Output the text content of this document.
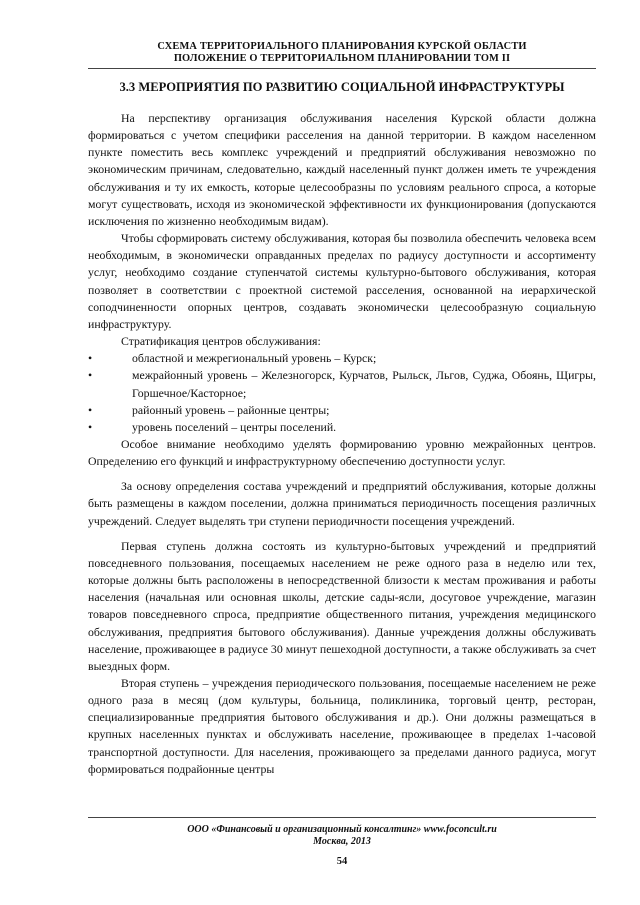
СХЕМА ТЕРРИТОРИАЛЬНОГО ПЛАНИРОВАНИЯ КУРСКОЙ ОБЛАСТИ
ПОЛОЖЕНИЕ О ТЕРРИТОРИАЛЬНОМ ПЛАНИРОВАНИИ ТОМ II
3.3 МЕРОПРИЯТИЯ ПО РАЗВИТИЮ СОЦИАЛЬНОЙ ИНФРАСТРУКТУРЫ

На перспективу организация обслуживания населения Курской области должна формироваться с учетом специфики расселения на данной территории. В каждом населенном пункте поместить весь комплекс учреждений и предприятий обслуживания невозможно по экономическим причинам, следовательно, каждый населенный пункт должен иметь те учреждения обслуживания и ту их емкость, которые целесообразны по условиям реального спроса, а которые могут существовать, исходя из экономической эффективности их функционирования (допускаются исключения по жизненно необходимым видам).

Чтобы сформировать систему обслуживания, которая бы позволила обеспечить человека всем необходимым, в экономически оправданных пределах по радиусу доступности и ассортименту услуг, необходимо создание ступенчатой системы культурно-бытового обслуживания, которая позволяет в соответствии с проектной системой расселения, основанной на иерархической соподчиненности опорных центров, создавать экономически целесообразную социальную инфраструктуру.

Стратификация центров обслуживания:

•	областной и межрегиональный уровень – Курск;
•	межрайонный уровень – Железногорск, Курчатов, Рыльск, Льгов, Суджа, Обоянь, Щигры, Горшечное/Касторное;
•	районный уровень – районные центры;
•	уровень поселений – центры поселений.

Особое внимание необходимо уделять формированию уровню межрайонных центров. Определению его функций и инфраструктурному обеспечению доступности услуг.

За основу определения состава учреждений и предприятий обслуживания, которые должны быть размещены в каждом поселении, должна приниматься периодичность посещения различных учреждений. Следует выделять три ступени периодичности посещения учреждений.

Первая ступень должна состоять из культурно-бытовых учреждений и предприятий повседневного пользования, посещаемых населением не реже одного раза в неделю или тех, которые должны быть расположены в непосредственной близости к местам проживания и работы населения (начальная или основная школы, детские сады-ясли, досуговое учреждение, магазин товаров повседневного спроса, предприятие общественного питания, учреждения медицинского обслуживания, предприятия бытового обслуживания). Данные учреждения должны обслуживать население, проживающее в радиусе 30 минут пешеходной доступности, а также обслуживать за счет выездных форм.

Вторая ступень – учреждения периодического пользования, посещаемые населением не реже одного раза в месяц (дом культуры, больница, поликлиника, торговый центр, ресторан, специализированные предприятия бытового обслуживания и др.). Они должны размещаться в крупных населенных пунктах и обслуживать население, проживающее в пределах 1-часовой транспортной доступности. Для населения, проживающего за пределами данного радиуса, могут формироваться подрайонные центры

ООО «Финансовый и организационный консалтинг» www.foconcult.ru
Москва, 2013
54
